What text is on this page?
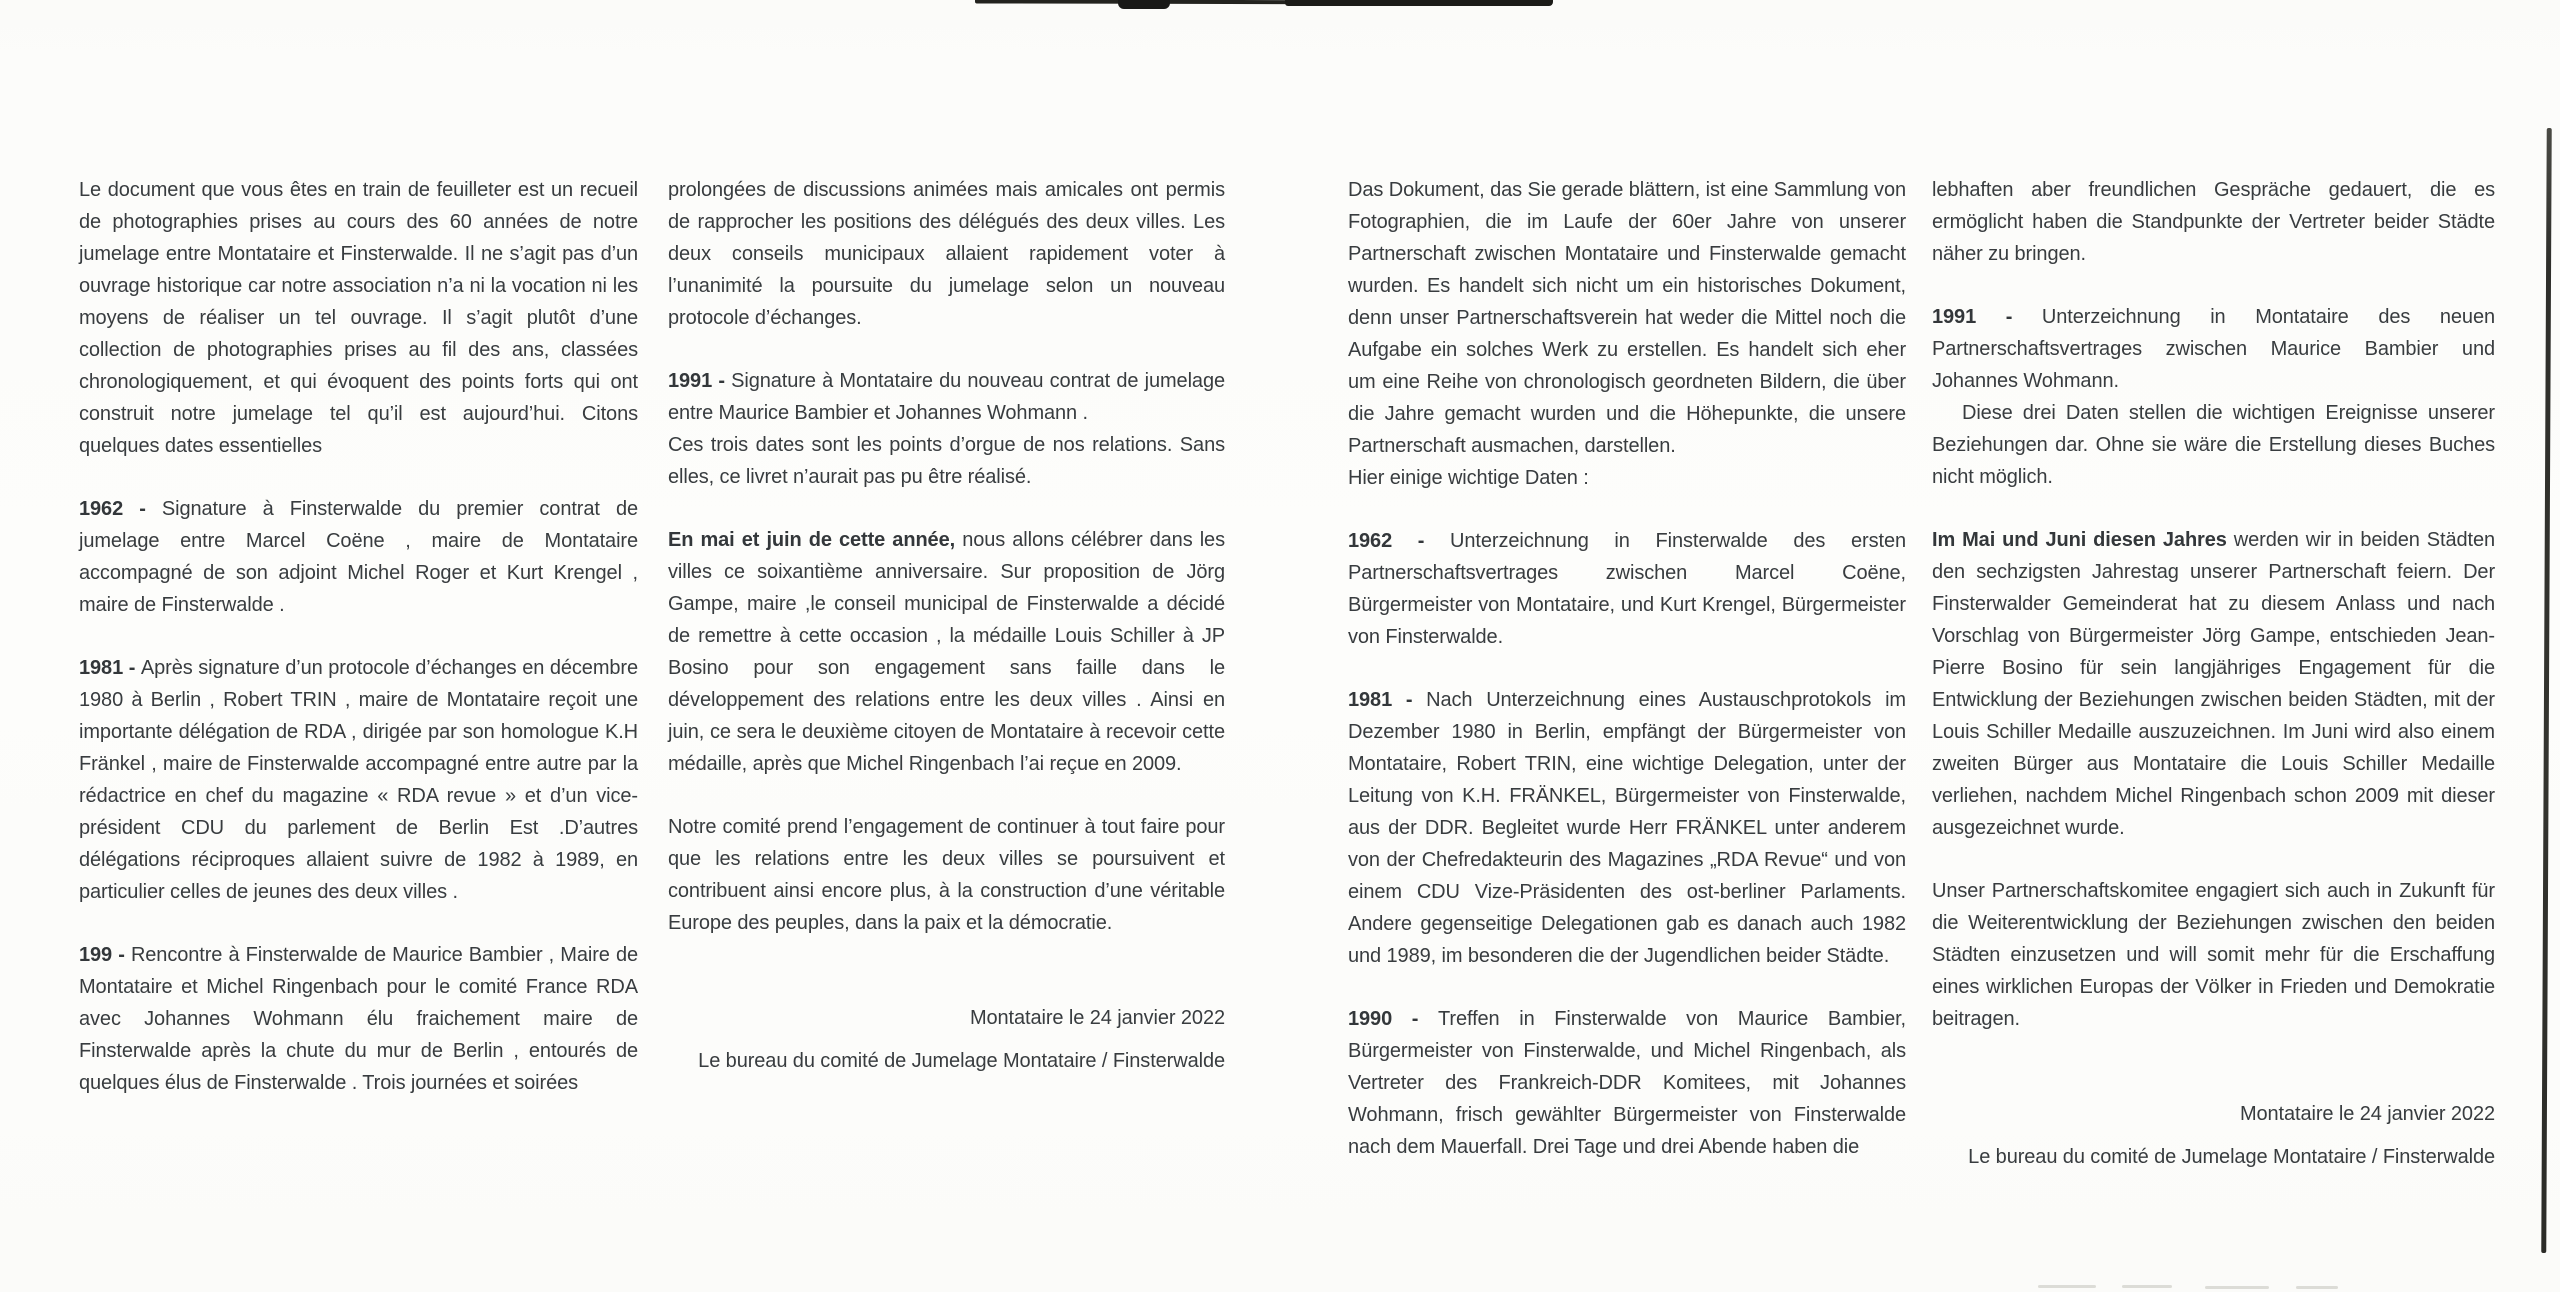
Le document que vous êtes en train de feuilleter est un recueil de photographies prises au cours des 60 années de notre jumelage entre Montataire et Finsterwalde. Il ne s’agit pas d’un ouvrage historique car notre association n’a ni la vocation ni les moyens de réaliser un tel ouvrage. Il s’agit plutôt d’une collection de photographies prises au fil des ans, classées chronologiquement, et qui évoquent des points forts qui ont construit notre jumelage tel qu’il est aujourd’hui. Citons quelques dates essentielles

1962 - Signature à Finsterwalde du premier contrat de jumelage entre Marcel Coëne , maire de Montataire accompagné de son adjoint Michel Roger et Kurt Krengel , maire de Finsterwalde .

1981 - Après signature d’un protocole d’échanges en décembre 1980 à Berlin , Robert TRIN , maire de Montataire reçoit une importante délégation de RDA , dirigée par son homologue K.H Fränkel , maire de Finsterwalde accompagné entre autre par la rédactrice en chef du magazine « RDA revue » et d’un vice-président CDU du parlement de Berlin Est .D’autres délégations réciproques allaient suivre de 1982 à 1989, en particulier celles de jeunes des deux villes .

199 - Rencontre à Finsterwalde de Maurice Bambier , Maire de Montataire et Michel Ringenbach pour le comité France RDA avec Johannes Wohmann élu fraichement maire de Finsterwalde après la chute du mur de Berlin , entourés de quelques élus de Finsterwalde . Trois journées et soirées

prolongées de discussions animées mais amicales ont permis de rapprocher les positions des délégués des deux villes. Les deux conseils municipaux allaient rapidement voter à l’unanimité la poursuite du jumelage selon un nouveau protocole d’échanges.

1991 - Signature à Montataire du nouveau contrat de jumelage entre Maurice Bambier et Johannes Wohmann .
Ces trois dates sont les points d’orgue de nos relations. Sans elles, ce livret n’aurait pas pu être réalisé.

En mai et juin de cette année, nous allons célébrer dans les villes ce soixantième anniversaire. Sur proposition de Jörg Gampe, maire ,le conseil municipal de Finsterwalde a décidé de remettre à cette occasion , la médaille Louis Schiller à JP Bosino pour son engagement sans faille dans le développement des relations entre les deux villes . Ainsi en juin, ce sera le deuxième citoyen de Montataire à recevoir cette médaille, après que Michel Ringenbach l’ai reçue en 2009.

Notre comité prend l’engagement de continuer à tout faire pour que les relations entre les deux villes se poursuivent et contribuent ainsi encore plus, à la construction d’une véritable Europe des peuples, dans la paix et la démocratie.

Montataire le 24 janvier 2022
Le bureau du comité de Jumelage Montataire / Finsterwalde

Das Dokument, das Sie gerade blättern, ist eine Sammlung von Fotographien, die im Laufe der 60er Jahre von unserer Partnerschaft zwischen Montataire und Finsterwalde gemacht wurden. Es handelt sich nicht um ein historisches Dokument, denn unser Partnerschaftsverein hat weder die Mittel noch die Aufgabe ein solches Werk zu erstellen. Es handelt sich eher um eine Reihe von chronologisch geordneten Bildern, die über die Jahre gemacht wurden und die Höhepunkte, die unsere Partnerschaft ausmachen, darstellen.
Hier einige wichtige Daten :

1962 - Unterzeichnung in Finsterwalde des ersten Partnerschaftsvertrages zwischen Marcel Coëne, Bürgermeister von Montataire, und Kurt Krengel, Bürgermeister von Finsterwalde.

1981 - Nach Unterzeichnung eines Austauschprotokols im Dezember 1980 in Berlin, empfängt der Bürgermeister von Montataire, Robert TRIN, eine wichtige Delegation, unter der Leitung von K.H. FRÄNKEL, Bürgermeister von Finsterwalde, aus der DDR. Begleitet wurde Herr FRÄNKEL unter anderem von der Chefredakteurin des Magazines „RDA Revue“ und von einem CDU Vize-Präsidenten des ost-berliner Parlaments. Andere gegenseitige Delegationen gab es danach auch 1982 und 1989, im besonderen die der Jugendlichen beider Städte.

1990 - Treffen in Finsterwalde von Maurice Bambier, Bürgermeister von Finsterwalde, und Michel Ringenbach, als Vertreter des Frankreich-DDR Komitees, mit Johannes Wohmann, frisch gewählter Bürgermeister von Finsterwalde nach dem Mauerfall. Drei Tage und drei Abende haben die

lebhaften aber freundlichen Gespräche gedauert, die es ermöglicht haben die Standpunkte der Vertreter beider Städte näher zu bringen.

1991 - Unterzeichnung in Montataire des neuen Partnerschaftsvertrages zwischen Maurice Bambier und Johannes Wohmann.
Diese drei Daten stellen die wichtigen Ereignisse unserer Beziehungen dar. Ohne sie wäre die Erstellung dieses Buches nicht möglich.

Im Mai und Juni diesen Jahres werden wir in beiden Städten den sechzigsten Jahrestag unserer Partnerschaft feiern. Der Finsterwalder Gemeinderat hat zu diesem Anlass und nach Vorschlag von Bürgermeister Jörg Gampe, entschieden Jean-Pierre Bosino für sein langjähriges Engagement für die Entwicklung der Beziehungen zwischen beiden Städten, mit der Louis Schiller Medaille auszuzeichnen. Im Juni wird also einem zweiten Bürger aus Montataire die Louis Schiller Medaille verliehen, nachdem Michel Ringenbach schon 2009 mit dieser ausgezeichnet wurde.

Unser Partnerschaftskomitee engagiert sich auch in Zukunft für die Weiterentwicklung der Beziehungen zwischen den beiden Städten einzusetzen und will somit mehr für die Erschaffung eines wirklichen Europas der Völker in Frieden und Demokratie beitragen.

Montataire le 24 janvier 2022
Le bureau du comité de Jumelage Montataire / Finsterwalde
